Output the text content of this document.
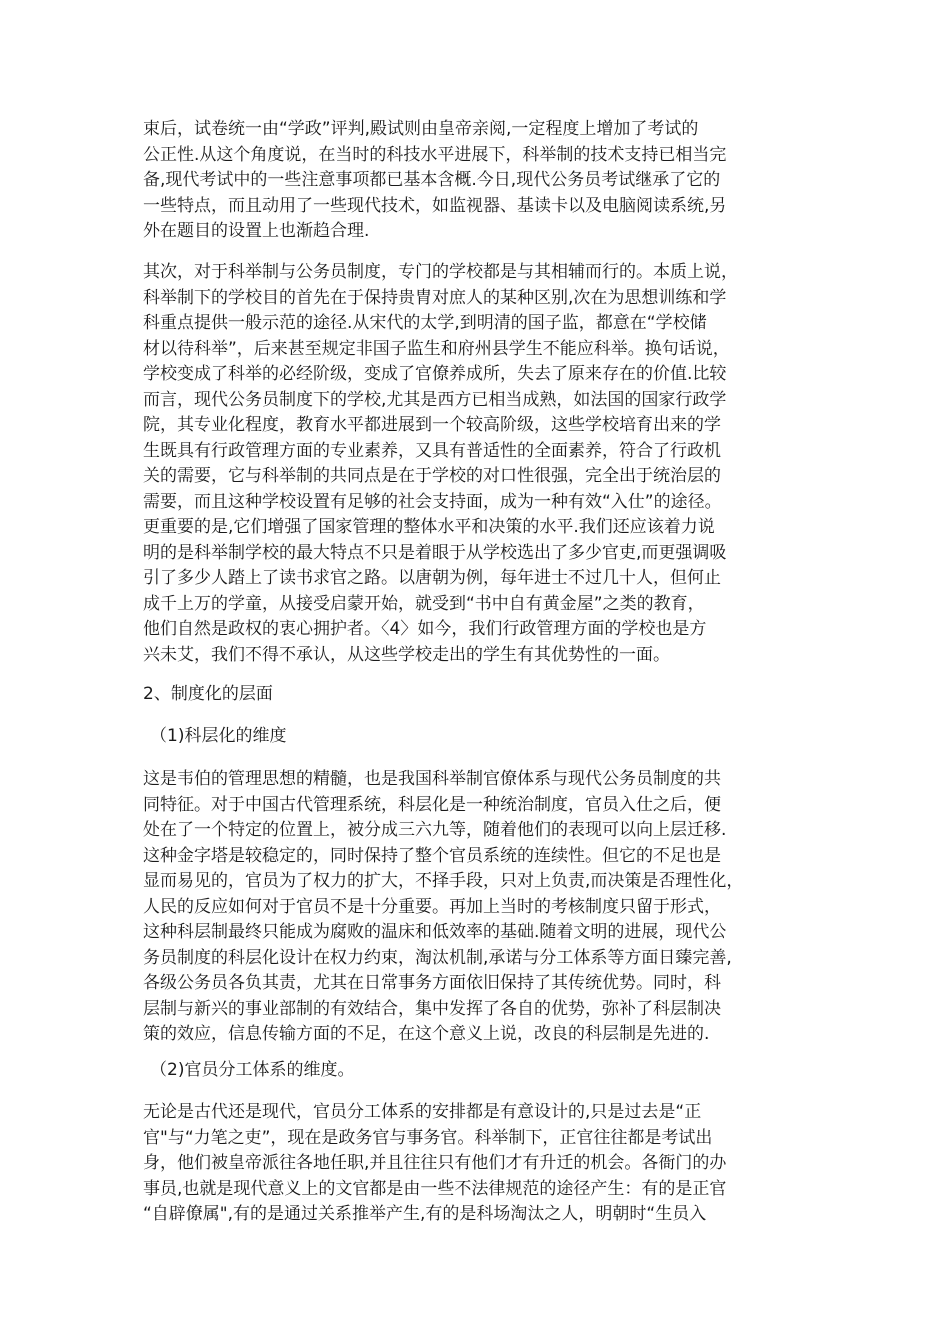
束后，试卷统一由“学政”评判,殿试则由皇帝亲阅,一定程度上增加了考试的
公正性.从这个角度说，在当时的科技水平进展下，科举制的技术支持已相当完
备,现代考试中的一些注意事项都已基本含概.今日,现代公务员考试继承了它的
一些特点，而且动用了一些现代技术，如监视器、基读卡以及电脑阅读系统,另
外在题目的设置上也渐趋合理.
其次，对于科举制与公务员制度，专门的学校都是与其相辅而行的。本质上说，
科举制下的学校目的首先在于保持贵胄对庶人的某种区别,次在为思想训练和学
科重点提供一般示范的途径.从宋代的太学,到明清的国子监，都意在“学校储
材以待科举”，后来甚至规定非国子监生和府州县学生不能应科举。换句话说，
学校变成了科举的必经阶级，变成了官僚养成所，失去了原来存在的价值.比较
而言，现代公务员制度下的学校,尤其是西方已相当成熟，如法国的国家行政学
院，其专业化程度，教育水平都进展到一个较高阶级，这些学校培育出来的学
生既具有行政管理方面的专业素养，又具有普适性的全面素养，符合了行政机
关的需要，它与科举制的共同点是在于学校的对口性很强，完全出于统治层的
需要，而且这种学校设置有足够的社会支持面，成为一种有效“入仕”的途径。
更重要的是,它们增强了国家管理的整体水平和决策的水平.我们还应该着力说
明的是科举制学校的最大特点不只是着眼于从学校选出了多少官吏,而更强调吸
引了多少人踏上了读书求官之路。以唐朝为例，每年进士不过几十人，但何止
成千上万的学童，从接受启蒙开始，就受到“书中自有黄金屋”之类的教育，
他们自然是政权的衷心拥护者。〈4〉如今，我们行政管理方面的学校也是方
兴未艾，我们不得不承认，从这些学校走出的学生有其优势性的一面。
2、制度化的层面
（1)科层化的维度
这是韦伯的管理思想的精髓，也是我国科举制官僚体系与现代公务员制度的共
同特征。对于中国古代管理系统，科层化是一种统治制度，官员入仕之后，便
处在了一个特定的位置上，被分成三六九等，随着他们的表现可以向上层迁移.
这种金字塔是较稳定的，同时保持了整个官员系统的连续性。但它的不足也是
显而易见的，官员为了权力的扩大，不择手段，只对上负责,而决策是否理性化，
人民的反应如何对于官员不是十分重要。再加上当时的考核制度只留于形式，
这种科层制最终只能成为腐败的温床和低效率的基础.随着文明的进展，现代公
务员制度的科层化设计在权力约束，淘汰机制,承诺与分工体系等方面日臻完善,
各级公务员各负其责，尤其在日常事务方面依旧保持了其传统优势。同时，科
层制与新兴的事业部制的有效结合，集中发挥了各自的优势，弥补了科层制决
策的效应，信息传输方面的不足，在这个意义上说，改良的科层制是先进的.
（2)官员分工体系的维度。
无论是古代还是现代，官员分工体系的安排都是有意设计的,只是过去是“正
官"与“力笔之吏”，现在是政务官与事务官。科举制下，正官往往都是考试出
身，他们被皇帝派往各地任职,并且往往只有他们才有升迁的机会。各衙门的办
事员,也就是现代意义上的文官都是由一些不法律规范的途径产生：有的是正官
“自辟僚属",有的是通过关系推举产生,有的是科场淘汰之人，明朝时“生员入
